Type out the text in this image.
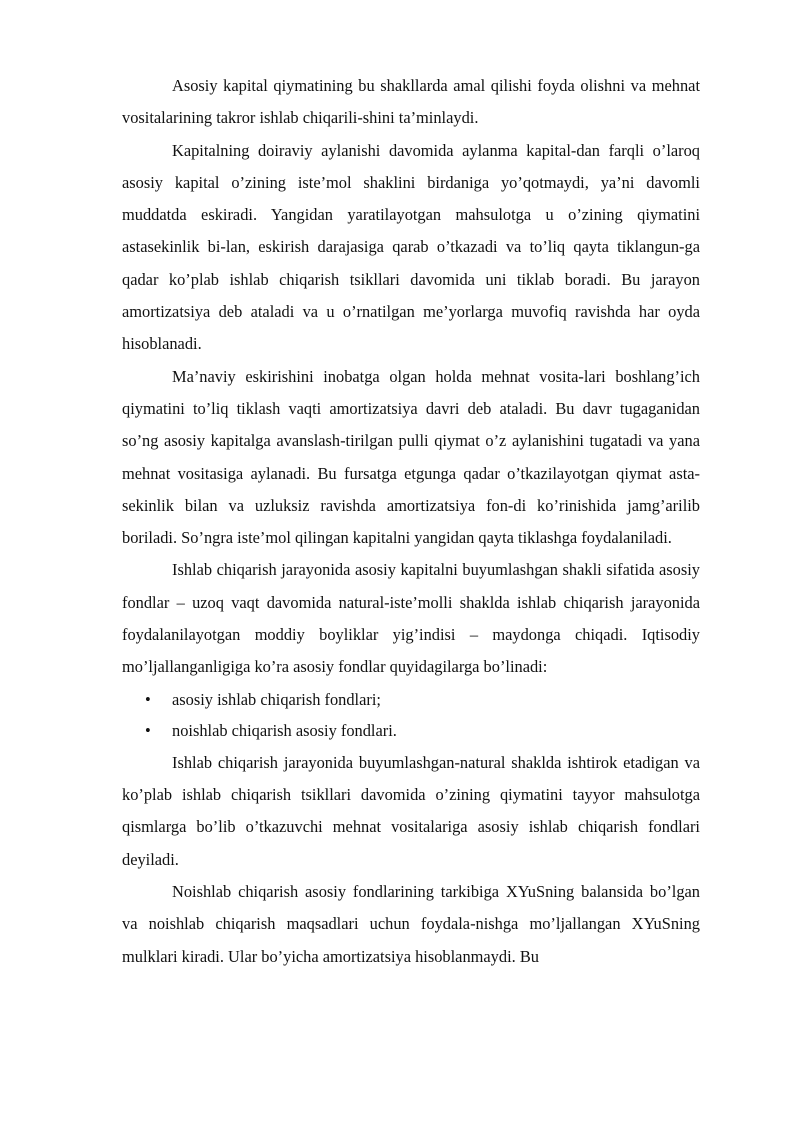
Asosiy kapital qiymatining bu shakllarda amal qilishi foyda olishni va mehnat vositalarining takror ishlab chiqarili-shini ta’minlaydi.

Kapitalning doiraviy aylanishi davomida aylanma kapital-dan farqli o’laroq asosiy kapital o’zining iste’mol shaklini birdaniga yo’qotmaydi, ya’ni davomli muddatda eskiradi. Yangidan yaratilayotgan mahsulotga u o’zining qiymatini astasekinlik bi-lan, eskirish darajasiga qarab o’tkazadi va to’liq qayta tiklangun-ga qadar ko’plab ishlab chiqarish tsikllari davomida uni tiklab boradi. Bu jarayon amortizatsiya deb ataladi va u o’rnatilgan me’yorlarga muvofiq ravishda har oyda hisoblanadi.

Ma’naviy eskirishini inobatga olgan holda mehnat vosita-lari boshlang’ich qiymatini to’liq tiklash vaqti amortizatsiya davri deb ataladi. Bu davr tugaganidan so’ng asosiy kapitalga avanslash-tirilgan pulli qiymat o’z aylanishini tugatadi va yana mehnat vositasiga aylanadi. Bu fursatga etgunga qadar o’tkazilayotgan qiymat asta-sekinlik bilan va uzluksiz ravishda amortizatsiya fon-di ko’rinishida jamg’arilib boriladi. So’ngra iste’mol qilingan kapitalni yangidan qayta tiklashga foydalaniladi.

Ishlab chiqarish jarayonida asosiy kapitalni buyumlashgan shakli sifatida asosiy fondlar – uzoq vaqt davomida natural-iste’molli shaklda ishlab chiqarish jarayonida foydalanilayotgan moddiy boyliklar yig’indisi – maydonga chiqadi. Iqtisodiy mo’ljallanganligiga ko’ra asosiy fondlar quyidagilarga bo’linadi:

• asosiy ishlab chiqarish fondlari;
• noishlab chiqarish asosiy fondlari.

Ishlab chiqarish jarayonida buyumlashgan-natural shaklda ishtirok etadigan va ko’plab ishlab chiqarish tsikllari davomida o’zining qiymatini tayyor mahsulotga qismlarga bo’lib o’tkazuvchi mehnat vositalariga asosiy ishlab chiqarish fondlari deyiladi.

Noishlab chiqarish asosiy fondlarining tarkibiga XYuSning balansida bo’lgan va noishlab chiqarish maqsadlari uchun foydala-nishga mo’ljallangan XYuSning mulklari kiradi. Ular bo’yicha amortizatsiya hisoblanmaydi. Bu
